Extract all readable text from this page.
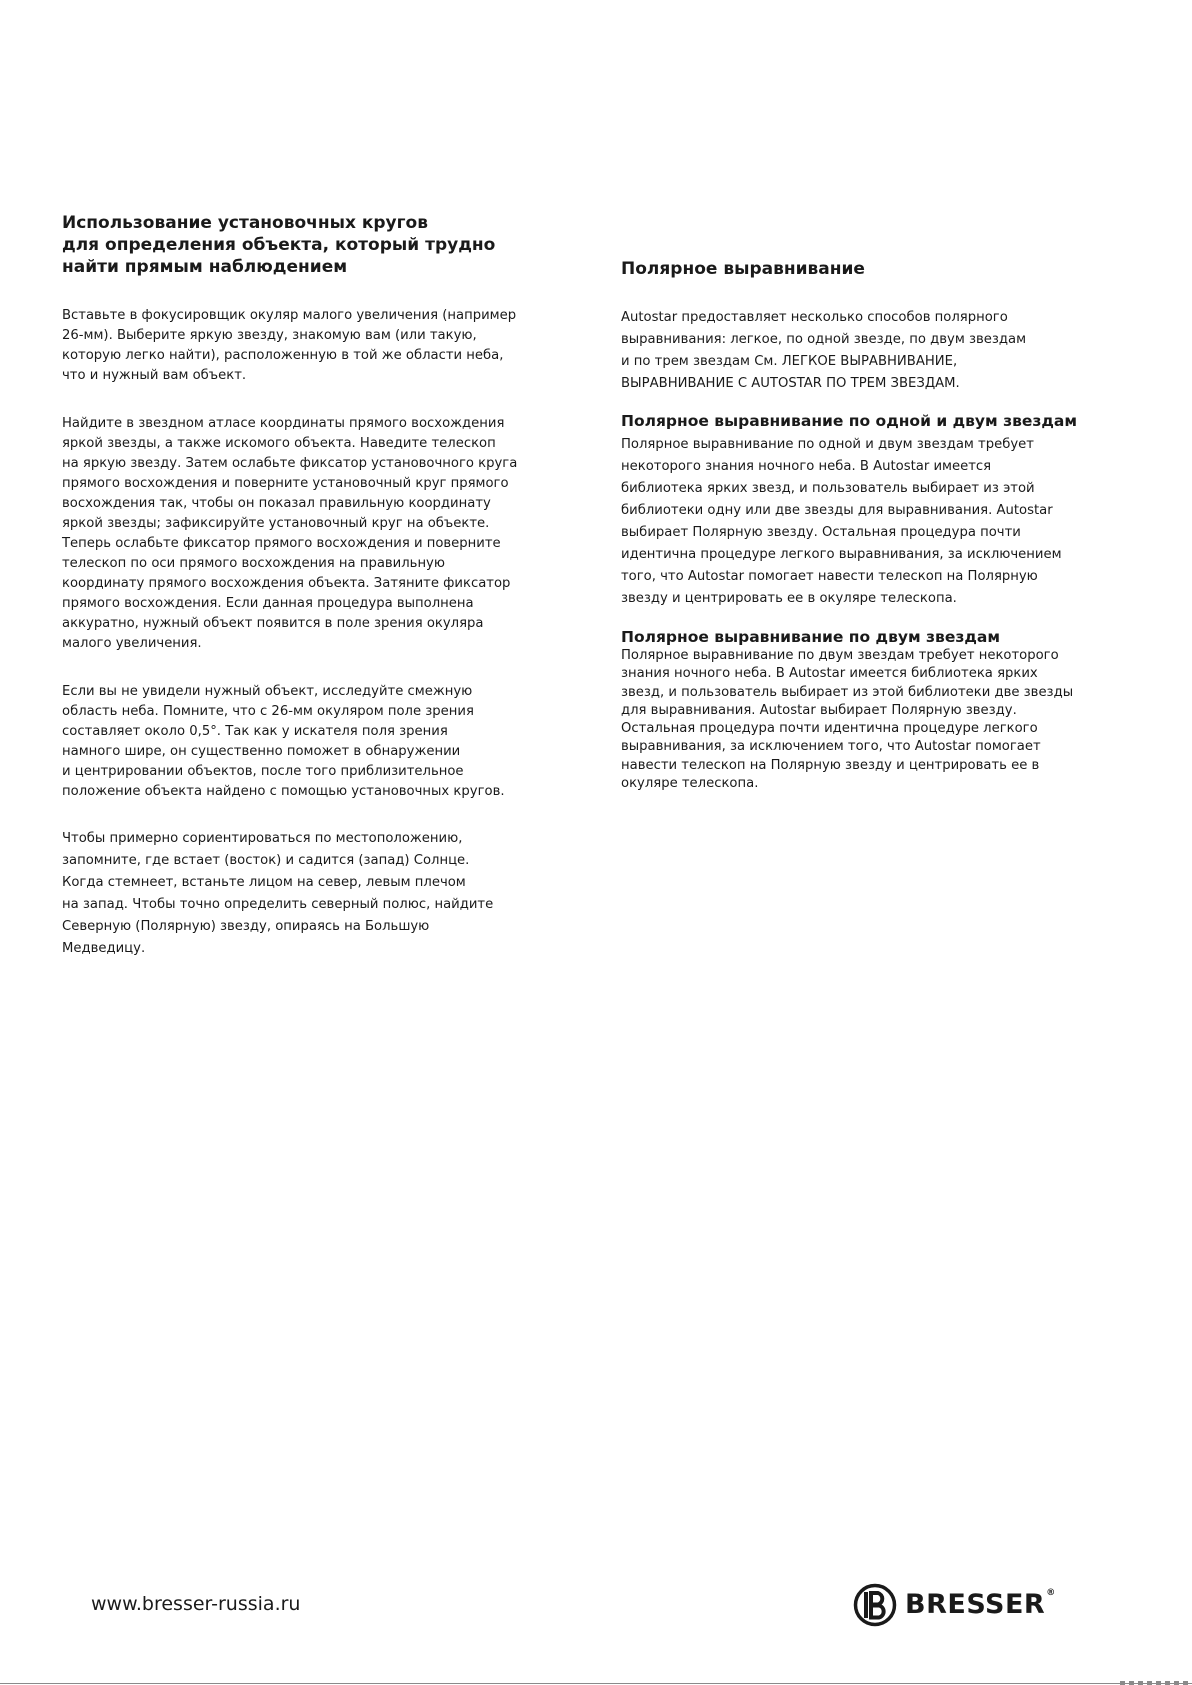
Использование установочных кругов
для определения объекта, который трудно
найти прямым наблюдением

Вставьте в фокусировщик окуляр малого увеличения (например
26-мм). Выберите яркую звезду, знакомую вам (или такую,
которую легко найти), расположенную в той же области неба,
что и нужный вам объект.

Найдите в звездном атласе координаты прямого восхождения
яркой звезды, а также искомого объекта. Наведите телескоп
на яркую звезду. Затем ослабьте фиксатор установочного круга
прямого восхождения и поверните установочный круг прямого
восхождения так, чтобы он показал правильную координату
яркой звезды; зафиксируйте установочный круг на объекте.
Теперь ослабьте фиксатор прямого восхождения и поверните
телескоп по оси прямого восхождения на правильную
координату прямого восхождения объекта. Затяните фиксатор
прямого восхождения. Если данная процедура выполнена
аккуратно, нужный объект появится в поле зрения окуляра
малого увеличения.

Если вы не увидели нужный объект, исследуйте смежную
область неба. Помните, что с 26-мм окуляром поле зрения
составляет около 0,5°. Так как у искателя поля зрения
намного шире, он существенно поможет в обнаружении
и центрировании объектов, после того приблизительное
положение объекта найдено с помощью установочных кругов.

Чтобы примерно сориентироваться по местоположению,
запомните, где встает (восток) и садится (запад) Солнце.
Когда стемнеет, встаньте лицом на север, левым плечом
на запад. Чтобы точно определить северный полюс, найдите
Северную (Полярную) звезду, опираясь на Большую
Медведицу.

Полярное выравнивание

Autostar предоставляет несколько способов полярного
выравнивания: легкое, по одной звезде, по двум звездам
и по трем звездам См. ЛЕГКОЕ ВЫРАВНИВАНИЕ,
ВЫРАВНИВАНИЕ С AUTOSTAR ПО ТРЕМ ЗВЕЗДАМ.

Полярное выравнивание по одной и двум звездам

Полярное выравнивание по одной и двум звездам требует
некоторого знания ночного неба. В Autostar имеется
библиотека ярких звезд, и пользователь выбирает из этой
библиотеки одну или две звезды для выравнивания. Autostar
выбирает Полярную звезду. Остальная процедура почти
идентична процедуре легкого выравнивания, за исключением
того, что Autostar помогает навести телескоп на Полярную
звезду и центрировать ее в окуляре телескопа.

Полярное выравнивание по двум звездам

Полярное выравнивание по двум звездам требует некоторого
знания ночного неба. В Autostar имеется библиотека ярких
звезд, и пользователь выбирает из этой библиотеки две звезды
для выравнивания. Autostar выбирает Полярную звезду.
Остальная процедура почти идентична процедуре легкого
выравнивания, за исключением того, что Autostar помогает
навести телескоп на Полярную звезду и центрировать ее в
окуляре телескопа.

www.bresser-russia.ru	BRESSER®
